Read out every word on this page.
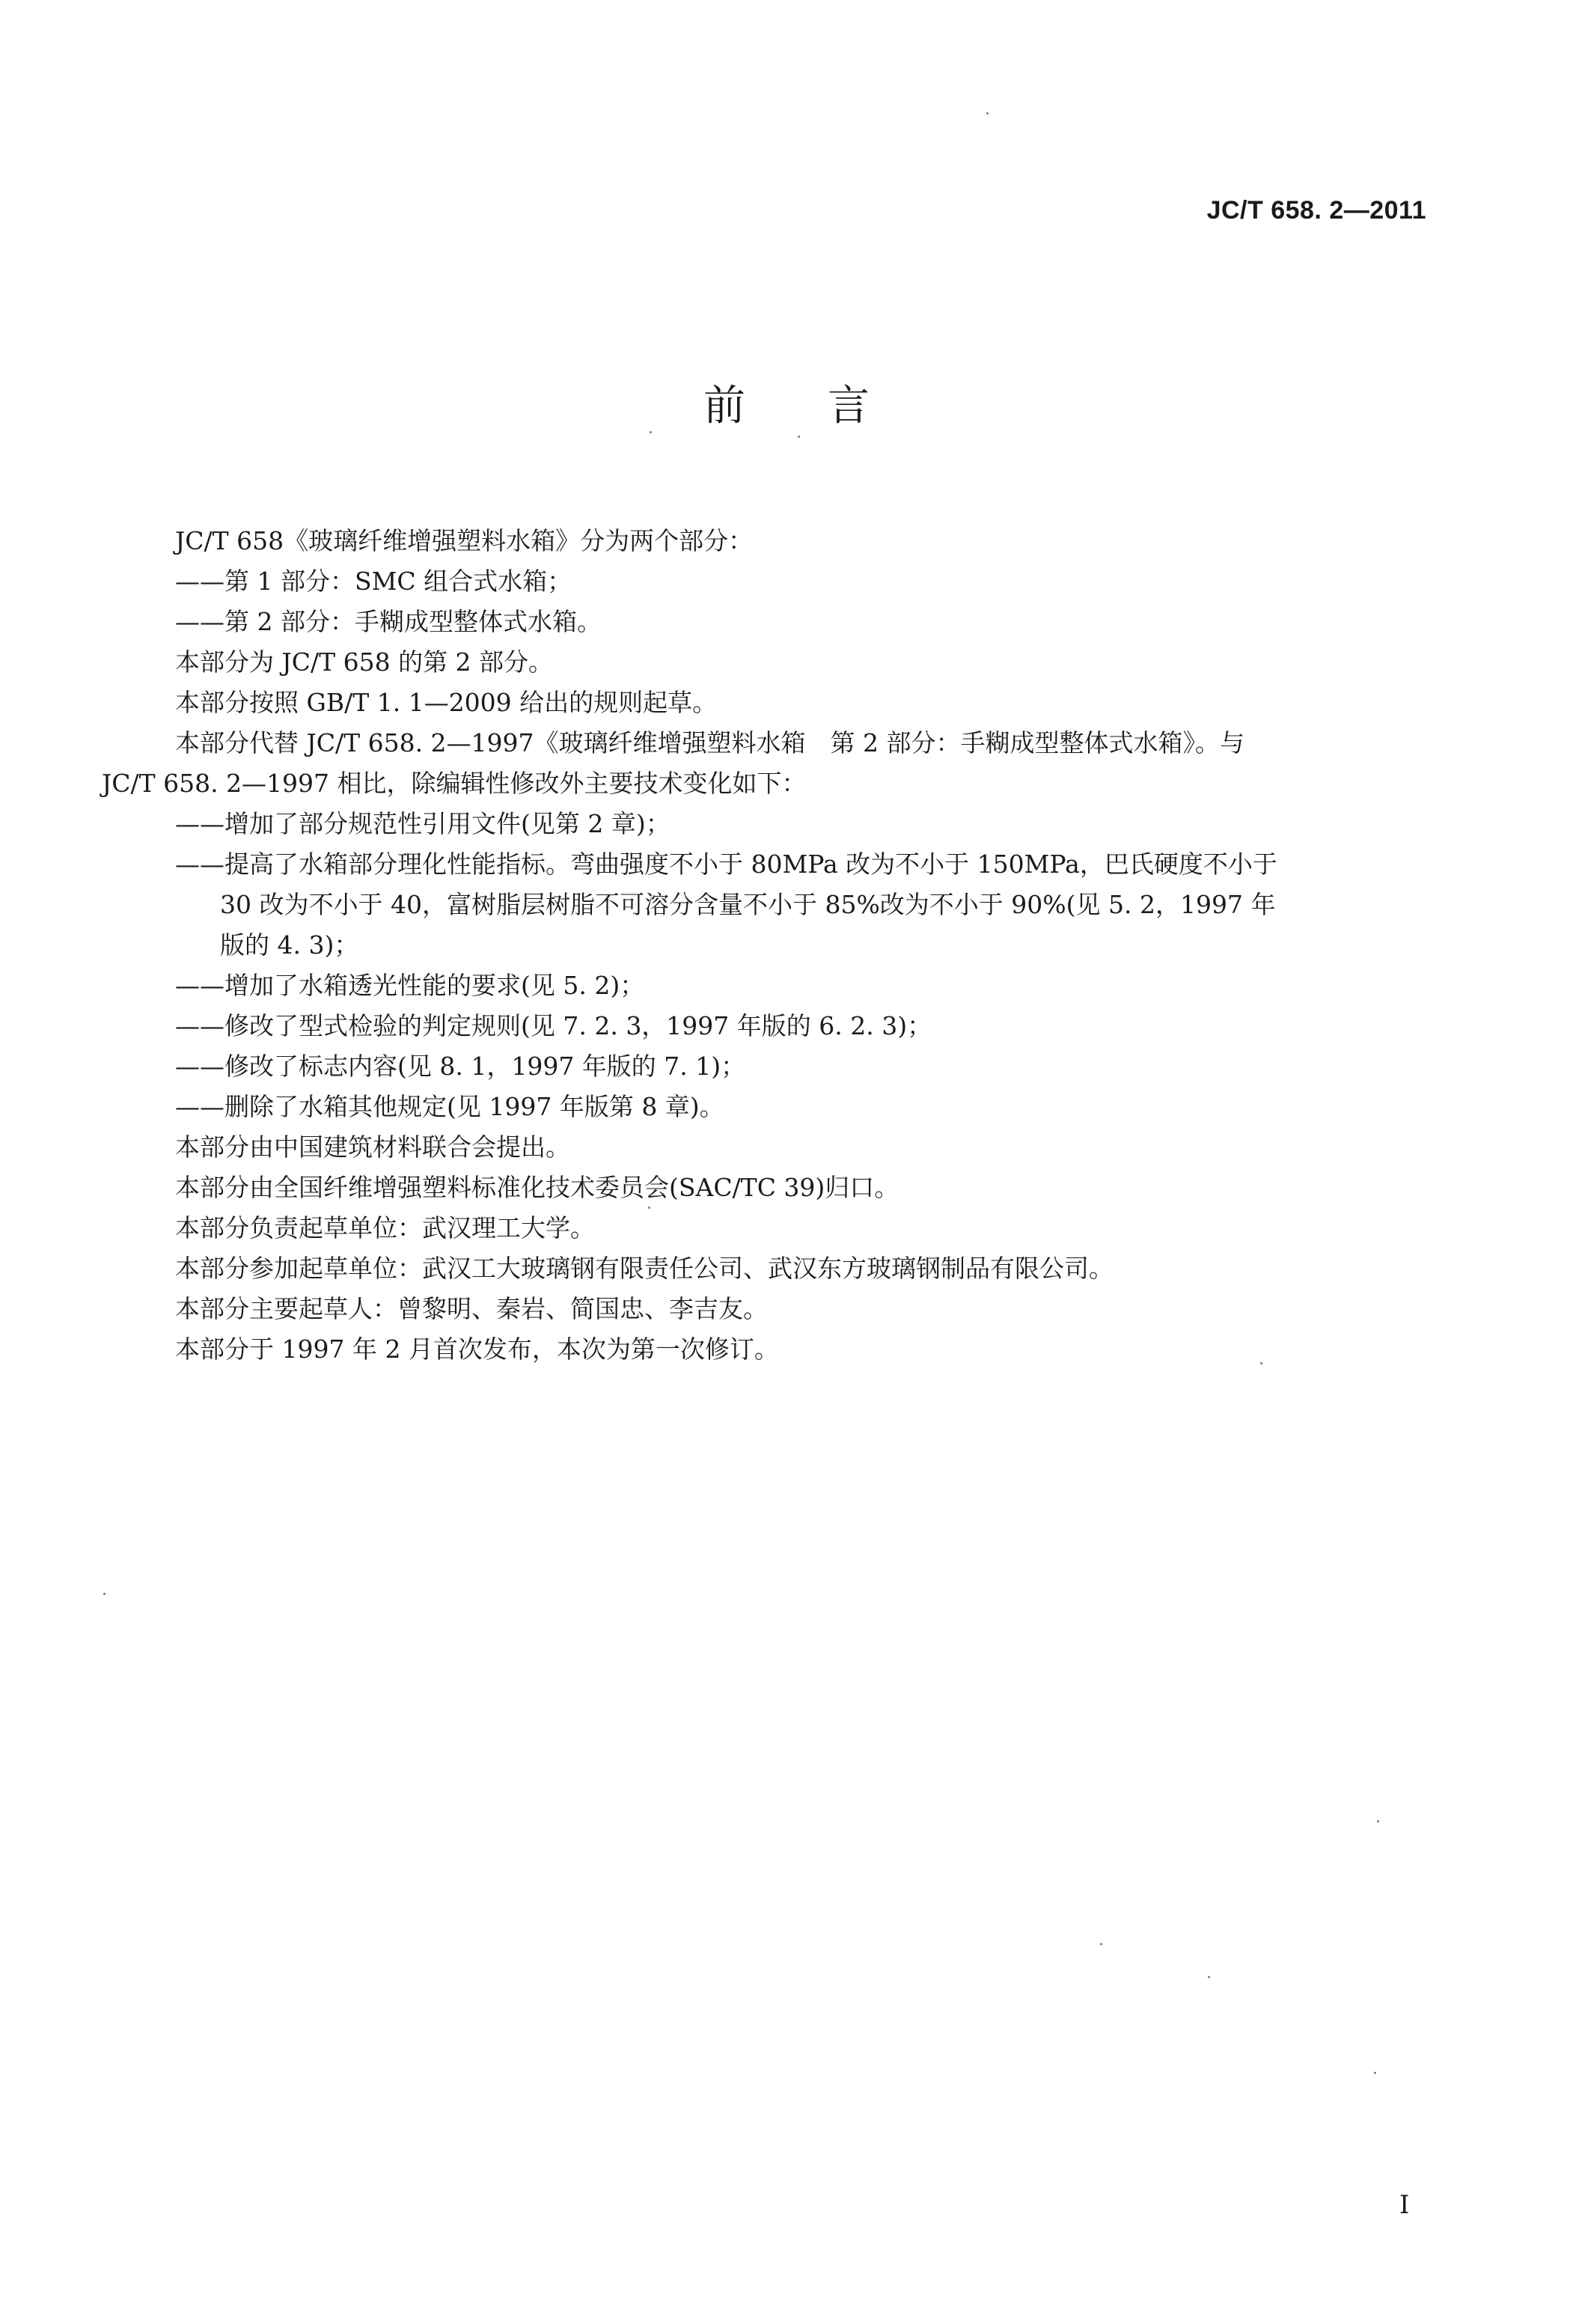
JC/T 658. 2—2011
前言
JC/T 658《玻璃纤维增强塑料水箱》分为两个部分：
——第 1 部分：SMC 组合式水箱；
——第 2 部分：手糊成型整体式水箱。
本部分为 JC/T 658 的第 2 部分。
本部分按照 GB/T 1. 1—2009 给出的规则起草。
本部分代替 JC/T 658. 2—1997《玻璃纤维增强塑料水箱　第 2 部分：手糊成型整体式水箱》。与
JC/T 658. 2—1997 相比，除编辑性修改外主要技术变化如下：
——增加了部分规范性引用文件(见第 2 章)；
——提高了水箱部分理化性能指标。弯曲强度不小于 80MPa 改为不小于 150MPa，巴氏硬度不小于
30 改为不小于 40，富树脂层树脂不可溶分含量不小于 85%改为不小于 90%(见 5. 2，1997 年
版的 4. 3)；
——增加了水箱透光性能的要求(见 5. 2)；
——修改了型式检验的判定规则(见 7. 2. 3，1997 年版的 6. 2. 3)；
——修改了标志内容(见 8. 1，1997 年版的 7. 1)；
——删除了水箱其他规定(见 1997 年版第 8 章)。
本部分由中国建筑材料联合会提出。
本部分由全国纤维增强塑料标准化技术委员会(SAC/TC 39)归口。
本部分负责起草单位：武汉理工大学。
本部分参加起草单位：武汉工大玻璃钢有限责任公司、武汉东方玻璃钢制品有限公司。
本部分主要起草人：曾黎明、秦岩、简国忠、李吉友。
本部分于 1997 年 2 月首次发布，本次为第一次修订。
I
